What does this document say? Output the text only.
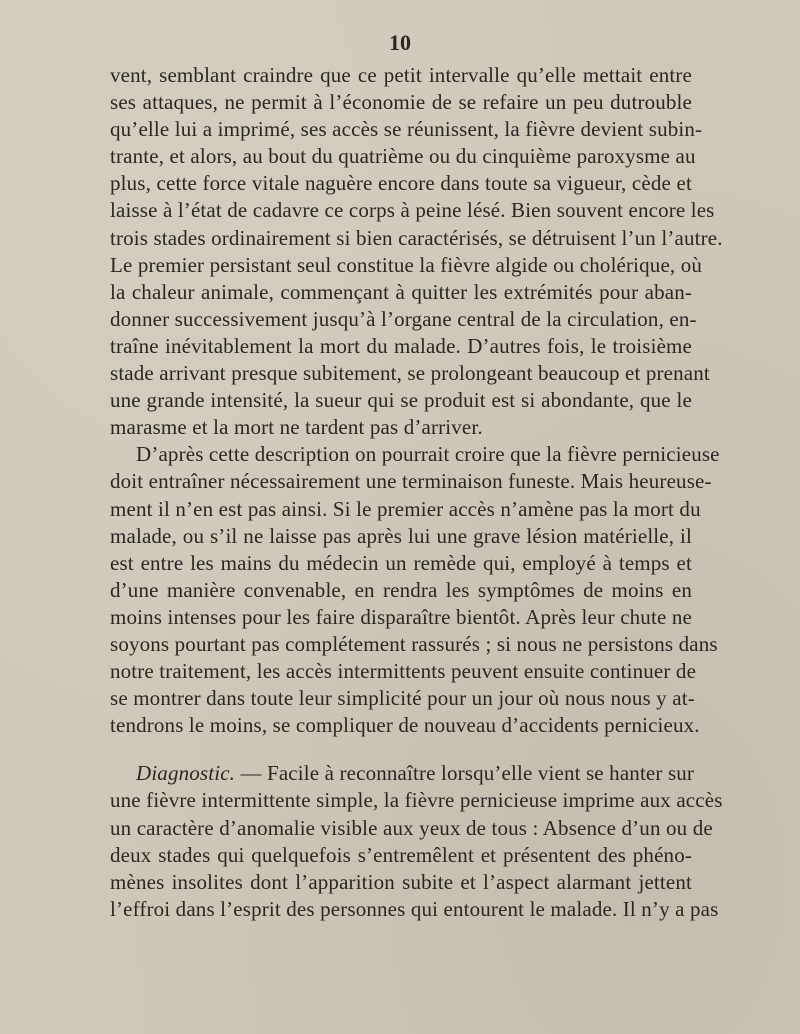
10
vent, semblant craindre que ce petit intervalle qu’elle mettait entre
ses attaques, ne permit à l’économie de se refaire un peu dutrouble
qu’elle lui a imprimé, ses accès se réunissent, la fièvre devient subin-
trante, et alors, au bout du quatrième ou du cinquième paroxysme au
plus, cette force vitale naguère encore dans toute sa vigueur, cède et
laisse à l’état de cadavre ce corps à peine lésé. Bien souvent encore les
trois stades ordinairement si bien caractérisés, se détruisent l’un l’autre.
Le premier persistant seul constitue la fièvre algide ou cholérique, où
la chaleur animale, commençant à quitter les extrémités pour aban-
donner successivement jusqu’à l’organe central de la circulation, en-
traîne inévitablement la mort du malade. D’autres fois, le troisième
stade arrivant presque subitement, se prolongeant beaucoup et prenant
une grande intensité, la sueur qui se produit est si abondante, que le
marasme et la mort ne tardent pas d’arriver.
D’après cette description on pourrait croire que la fièvre pernicieuse
doit entraîner nécessairement une terminaison funeste. Mais heureuse-
ment il n’en est pas ainsi. Si le premier accès n’amène pas la mort du
malade, ou s’il ne laisse pas après lui une grave lésion matérielle, il
est entre les mains du médecin un remède qui, employé à temps et
d’une manière convenable, en rendra les symptômes de moins en
moins intenses pour les faire disparaître bientôt. Après leur chute ne
soyons pourtant pas complétement rassurés ; si nous ne persistons dans
notre traitement, les accès intermittents peuvent ensuite continuer de
se montrer dans toute leur simplicité pour un jour où nous nous y at-
tendrons le moins, se compliquer de nouveau d’accidents pernicieux.
Diagnostic. — Facile à reconnaître lorsqu’elle vient se hanter sur
une fièvre intermittente simple, la fièvre pernicieuse imprime aux accès
un caractère d’anomalie visible aux yeux de tous : Absence d’un ou de
deux stades qui quelquefois s’entremêlent et présentent des phéno-
mènes insolites dont l’apparition subite et l’aspect alarmant jettent
l’effroi dans l’esprit des personnes qui entourent le malade. Il n’y a pas
